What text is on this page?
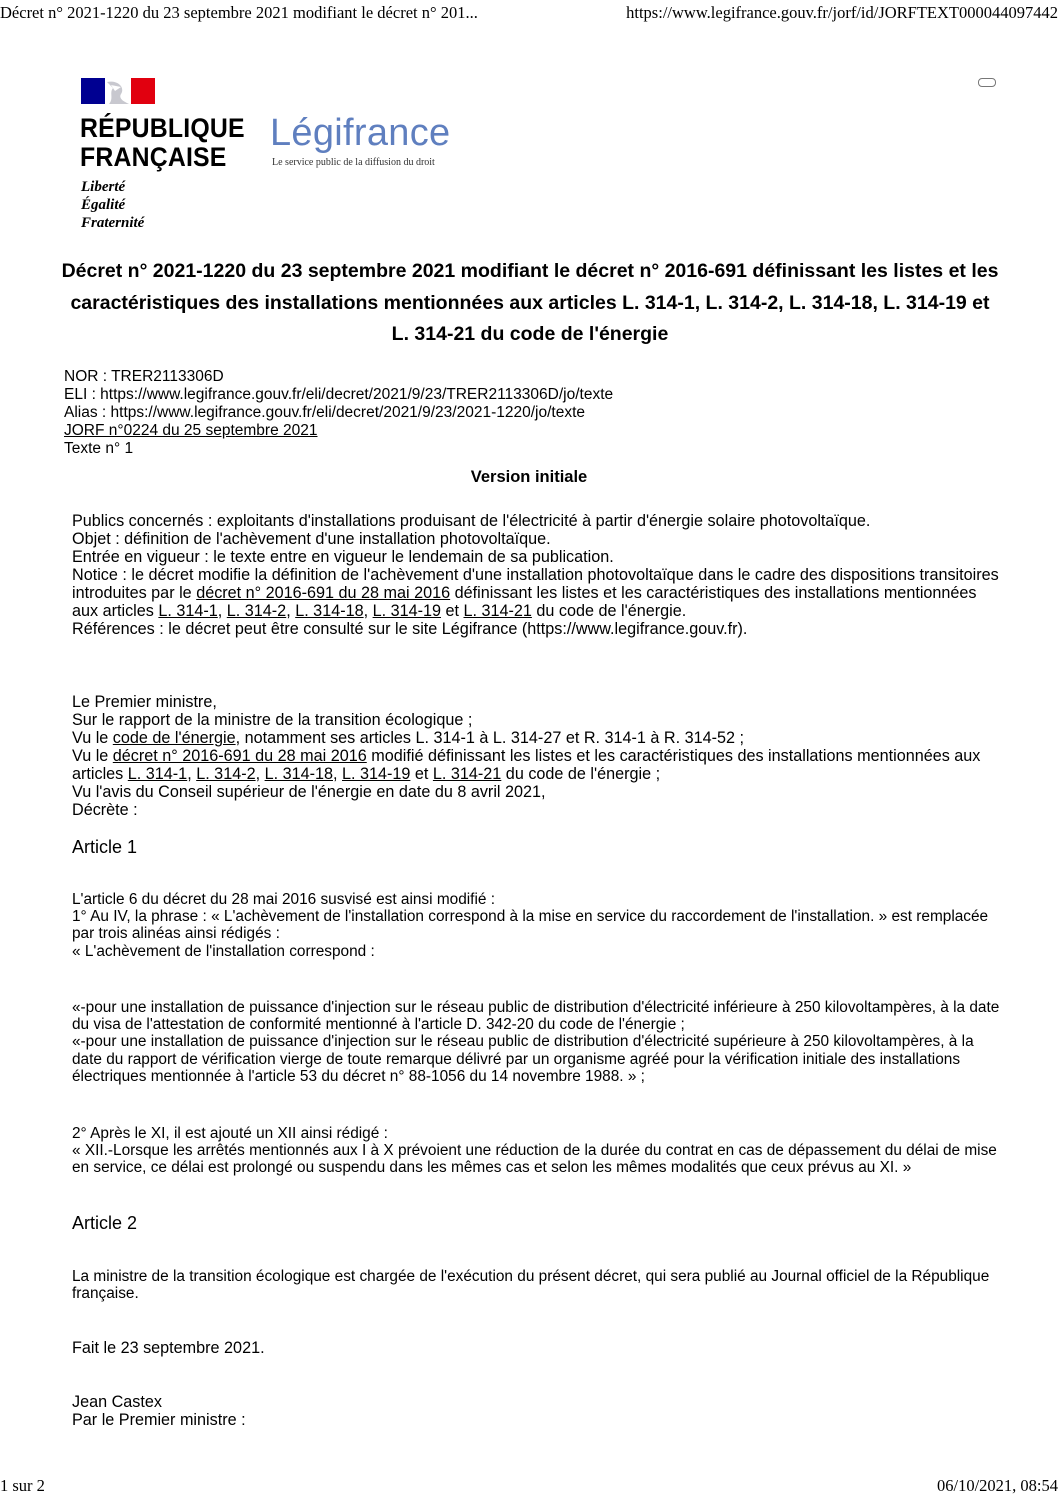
Décret n° 2021-1220 du 23 septembre 2021 modifiant le décret n° 201...	https://www.legifrance.gouv.fr/jorf/id/JORFTEXT000044097442
RÉPUBLIQUE
FRANÇAISE
Liberté
Égalité
Fraternité
Légifrance
Le service public de la diffusion du droit
Décret n° 2021-1220 du 23 septembre 2021 modifiant le décret n° 2016-691 définissant les listes et les caractéristiques des installations mentionnées aux articles L. 314-1, L. 314-2, L. 314-18, L. 314-19 et L. 314-21 du code de l'énergie
NOR : TRER2113306D
ELI : https://www.legifrance.gouv.fr/eli/decret/2021/9/23/TRER2113306D/jo/texte
Alias : https://www.legifrance.gouv.fr/eli/decret/2021/9/23/2021-1220/jo/texte
JORF n°0224 du 25 septembre 2021
Texte n° 1
Version initiale

Publics concernés : exploitants d'installations produisant de l'électricité à partir d'énergie solaire photovoltaïque.

Objet : définition de l'achèvement d'une installation photovoltaïque.

Entrée en vigueur : le texte entre en vigueur le lendemain de sa publication.

Notice : le décret modifie la définition de l'achèvement d'une installation photovoltaïque dans le cadre des dispositions transitoires introduites par le décret n° 2016-691 du 28 mai 2016 définissant les listes et les caractéristiques des installations mentionnées aux articles L. 314-1, L. 314-2, L. 314-18, L. 314-19 et L. 314-21 du code de l'énergie.

Références : le décret peut être consulté sur le site Légifrance (https://www.legifrance.gouv.fr).

Le Premier ministre,

Sur le rapport de la ministre de la transition écologique ;

Vu le code de l'énergie, notamment ses articles L. 314-1 à L. 314-27 et R. 314-1 à R. 314-52 ;

Vu le décret n° 2016-691 du 28 mai 2016 modifié définissant les listes et les caractéristiques des installations mentionnées aux articles L. 314-1, L. 314-2, L. 314-18, L. 314-19 et L. 314-21 du code de l'énergie ;

Vu l'avis du Conseil supérieur de l'énergie en date du 8 avril 2021,

Décrète :

Article 1

L'article 6 du décret du 28 mai 2016 susvisé est ainsi modifié :

1° Au IV, la phrase : « L'achèvement de l'installation correspond à la mise en service du raccordement de l'installation. » est remplacée par trois alinéas ainsi rédigés :

« L'achèvement de l'installation correspond :

«-pour une installation de puissance d'injection sur le réseau public de distribution d'électricité inférieure à 250 kilovoltampères, à la date du visa de l'attestation de conformité mentionné à l'article D. 342-20 du code de l'énergie ;

«-pour une installation de puissance d'injection sur le réseau public de distribution d'électricité supérieure à 250 kilovoltampères, à la date du rapport de vérification vierge de toute remarque délivré par un organisme agréé pour la vérification initiale des installations électriques mentionnée à l'article 53 du décret n° 88-1056 du 14 novembre 1988. » ;

2° Après le XI, il est ajouté un XII ainsi rédigé :

« XII.-Lorsque les arrêtés mentionnés aux I à X prévoient une réduction de la durée du contrat en cas de dépassement du délai de mise en service, ce délai est prolongé ou suspendu dans les mêmes cas et selon les mêmes modalités que ceux prévus au XI. »

Article 2

La ministre de la transition écologique est chargée de l'exécution du présent décret, qui sera publié au Journal officiel de la République française.

Fait le 23 septembre 2021.

Jean Castex

Par le Premier ministre :

1 sur 2	06/10/2021, 08:54
